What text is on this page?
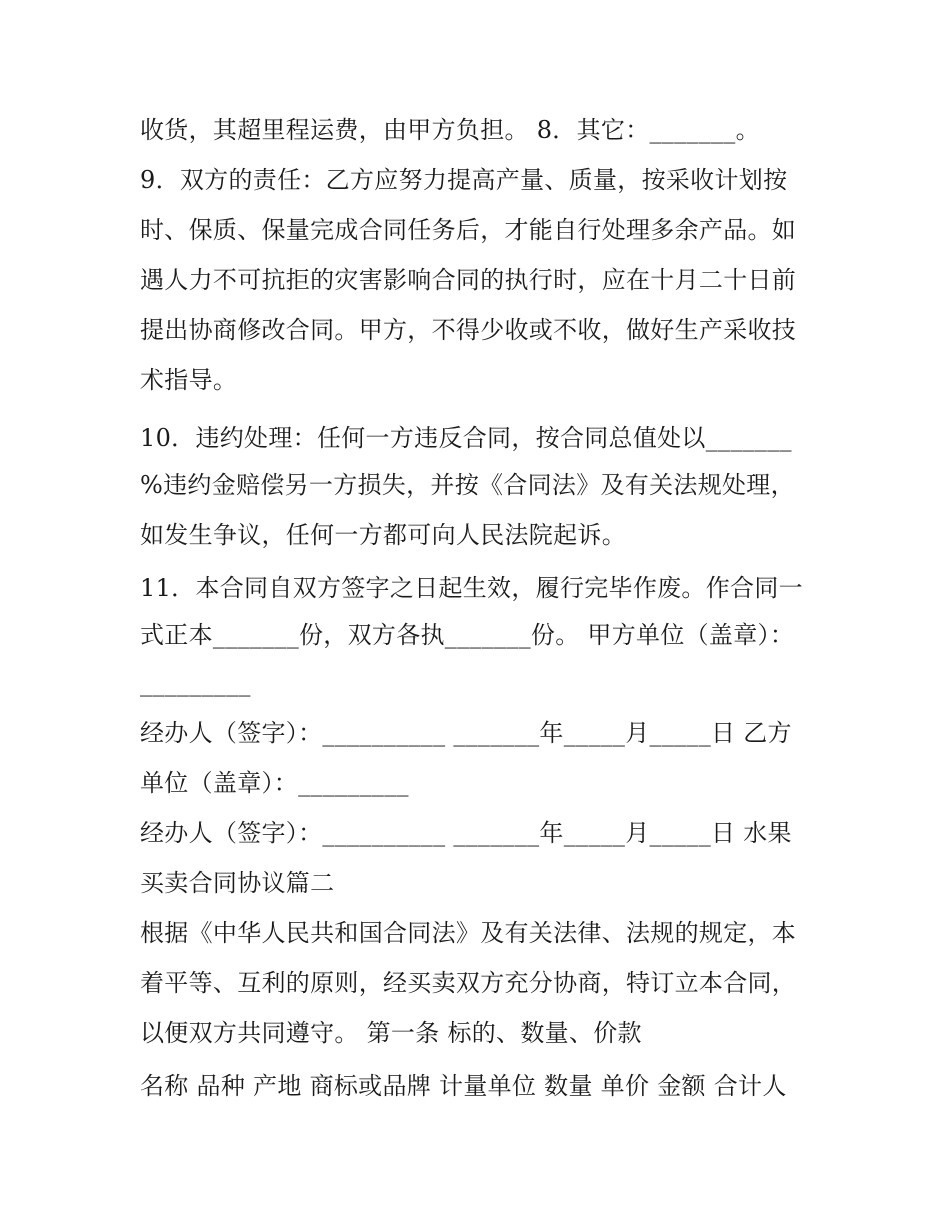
收货，其超里程运费，由甲方负担。 8．其它：_______。
9．双方的责任：乙方应努力提高产量、质量，按采收计划按
时、保质、保量完成合同任务后，才能自行处理多余产品。如
遇人力不可抗拒的灾害影响合同的执行时，应在十月二十日前
提出协商修改合同。甲方，不得少收或不收，做好生产采收技
术指导。
10．违约处理：任何一方违反合同，按合同总值处以_______
%违约金赔偿另一方损失，并按《合同法》及有关法规处理，
如发生争议，任何一方都可向人民法院起诉。
11．本合同自双方签字之日起生效，履行完毕作废。作合同一
式正本_______份，双方各执_______份。 甲方单位（盖章）：
_________
经办人（签字）：__________ _______年_____月_____日 乙方
单位（盖章）：_________
经办人（签字）：__________ _______年_____月_____日 水果
买卖合同协议篇二
根据《中华人民共和国合同法》及有关法律、法规的规定，本
着平等、互利的原则，经买卖双方充分协商，特订立本合同，
以便双方共同遵守。 第一条 标的、数量、价款
名称 品种 产地 商标或品牌 计量单位 数量 单价 金额 合计人
